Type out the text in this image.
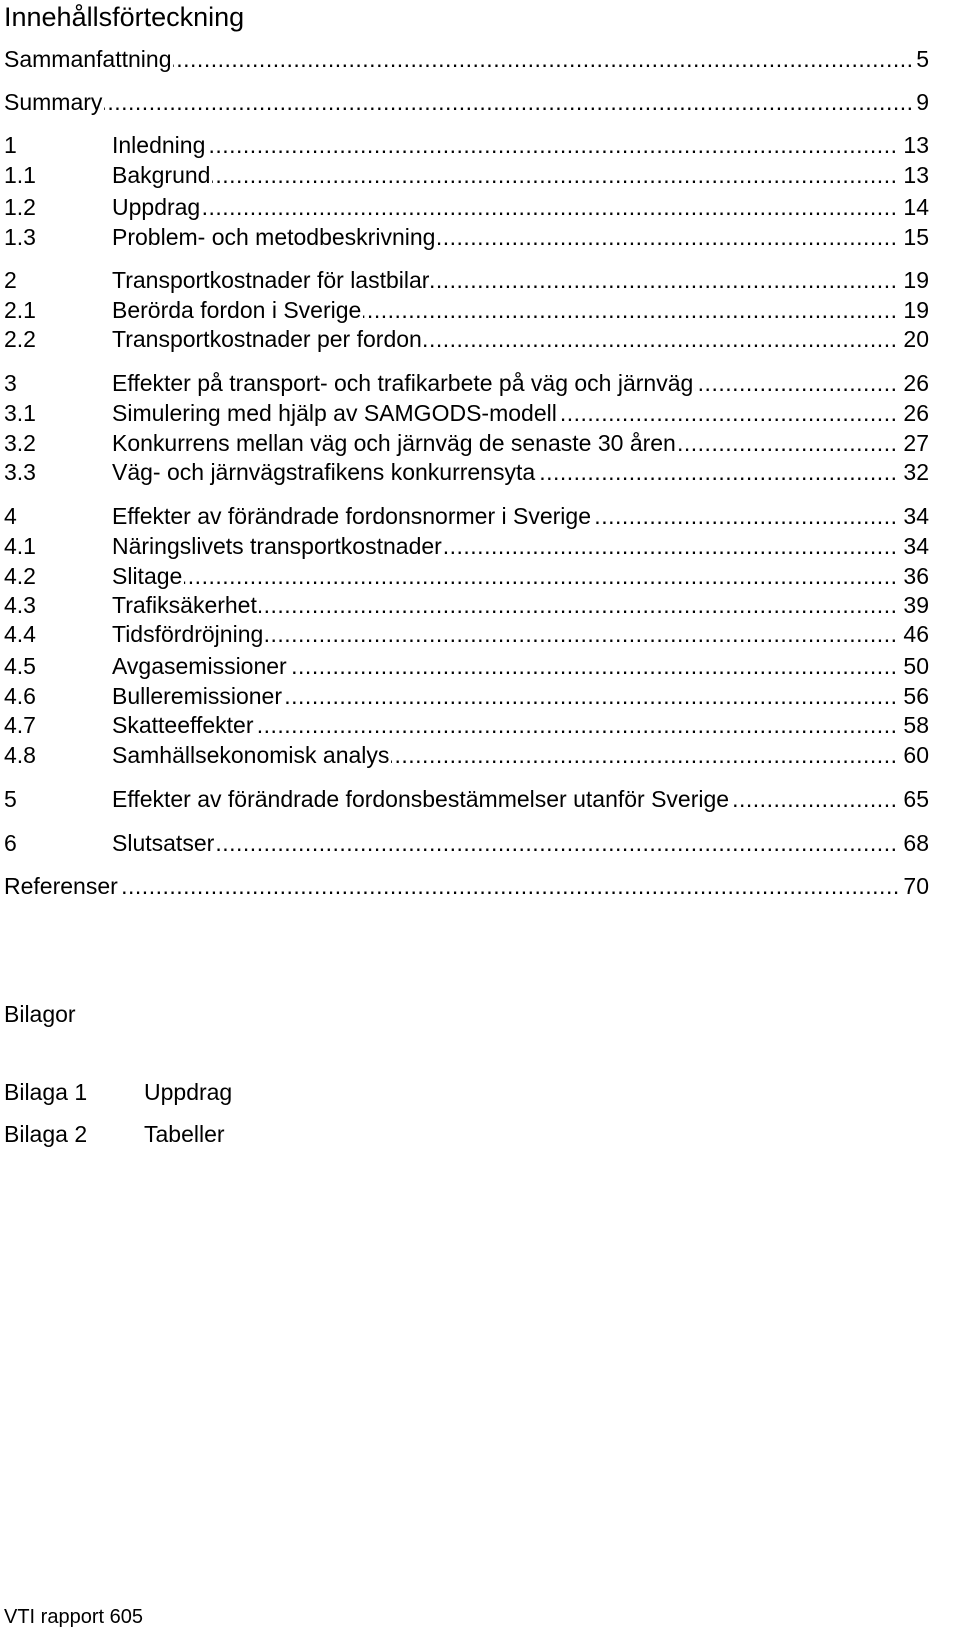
Innehållsförteckning
Sammanfattning .....	5
Summary .....	9
1	Inledning .....	13
1.1	Bakgrund .....	13
1.2	Uppdrag .....	14
1.3	Problem- och metodbeskrivning .....	15
2	Transportkostnader för lastbilar .....	19
2.1	Berörda fordon i Sverige .....	19
2.2	Transportkostnader per fordon .....	20
3	Effekter på transport- och trafikarbete på väg och järnväg .....	26
3.1	Simulering med hjälp av SAMGODS-modell .....	26
3.2	Konkurrens mellan väg och järnväg de senaste 30 åren .....	27
3.3	Väg- och järnvägstrafikens konkurrensyta .....	32
4	Effekter av förändrade fordonsnormer i Sverige .....	34
4.1	Näringslivets transportkostnader .....	34
4.2	Slitage .....	36
4.3	Trafiksäkerhet .....	39
4.4	Tidsfördröjning .....	46
4.5	Avgasemissioner .....	50
4.6	Bulleremissioner .....	56
4.7	Skatteeffekter .....	58
4.8	Samhällsekonomisk analys .....	60
5	Effekter av förändrade fordonsbestämmelser utanför Sverige .....	65
6	Slutsatser .....	68
Referenser .....	70
Bilagor
Bilaga 1	Uppdrag
Bilaga 2	Tabeller
VTI rapport 605
